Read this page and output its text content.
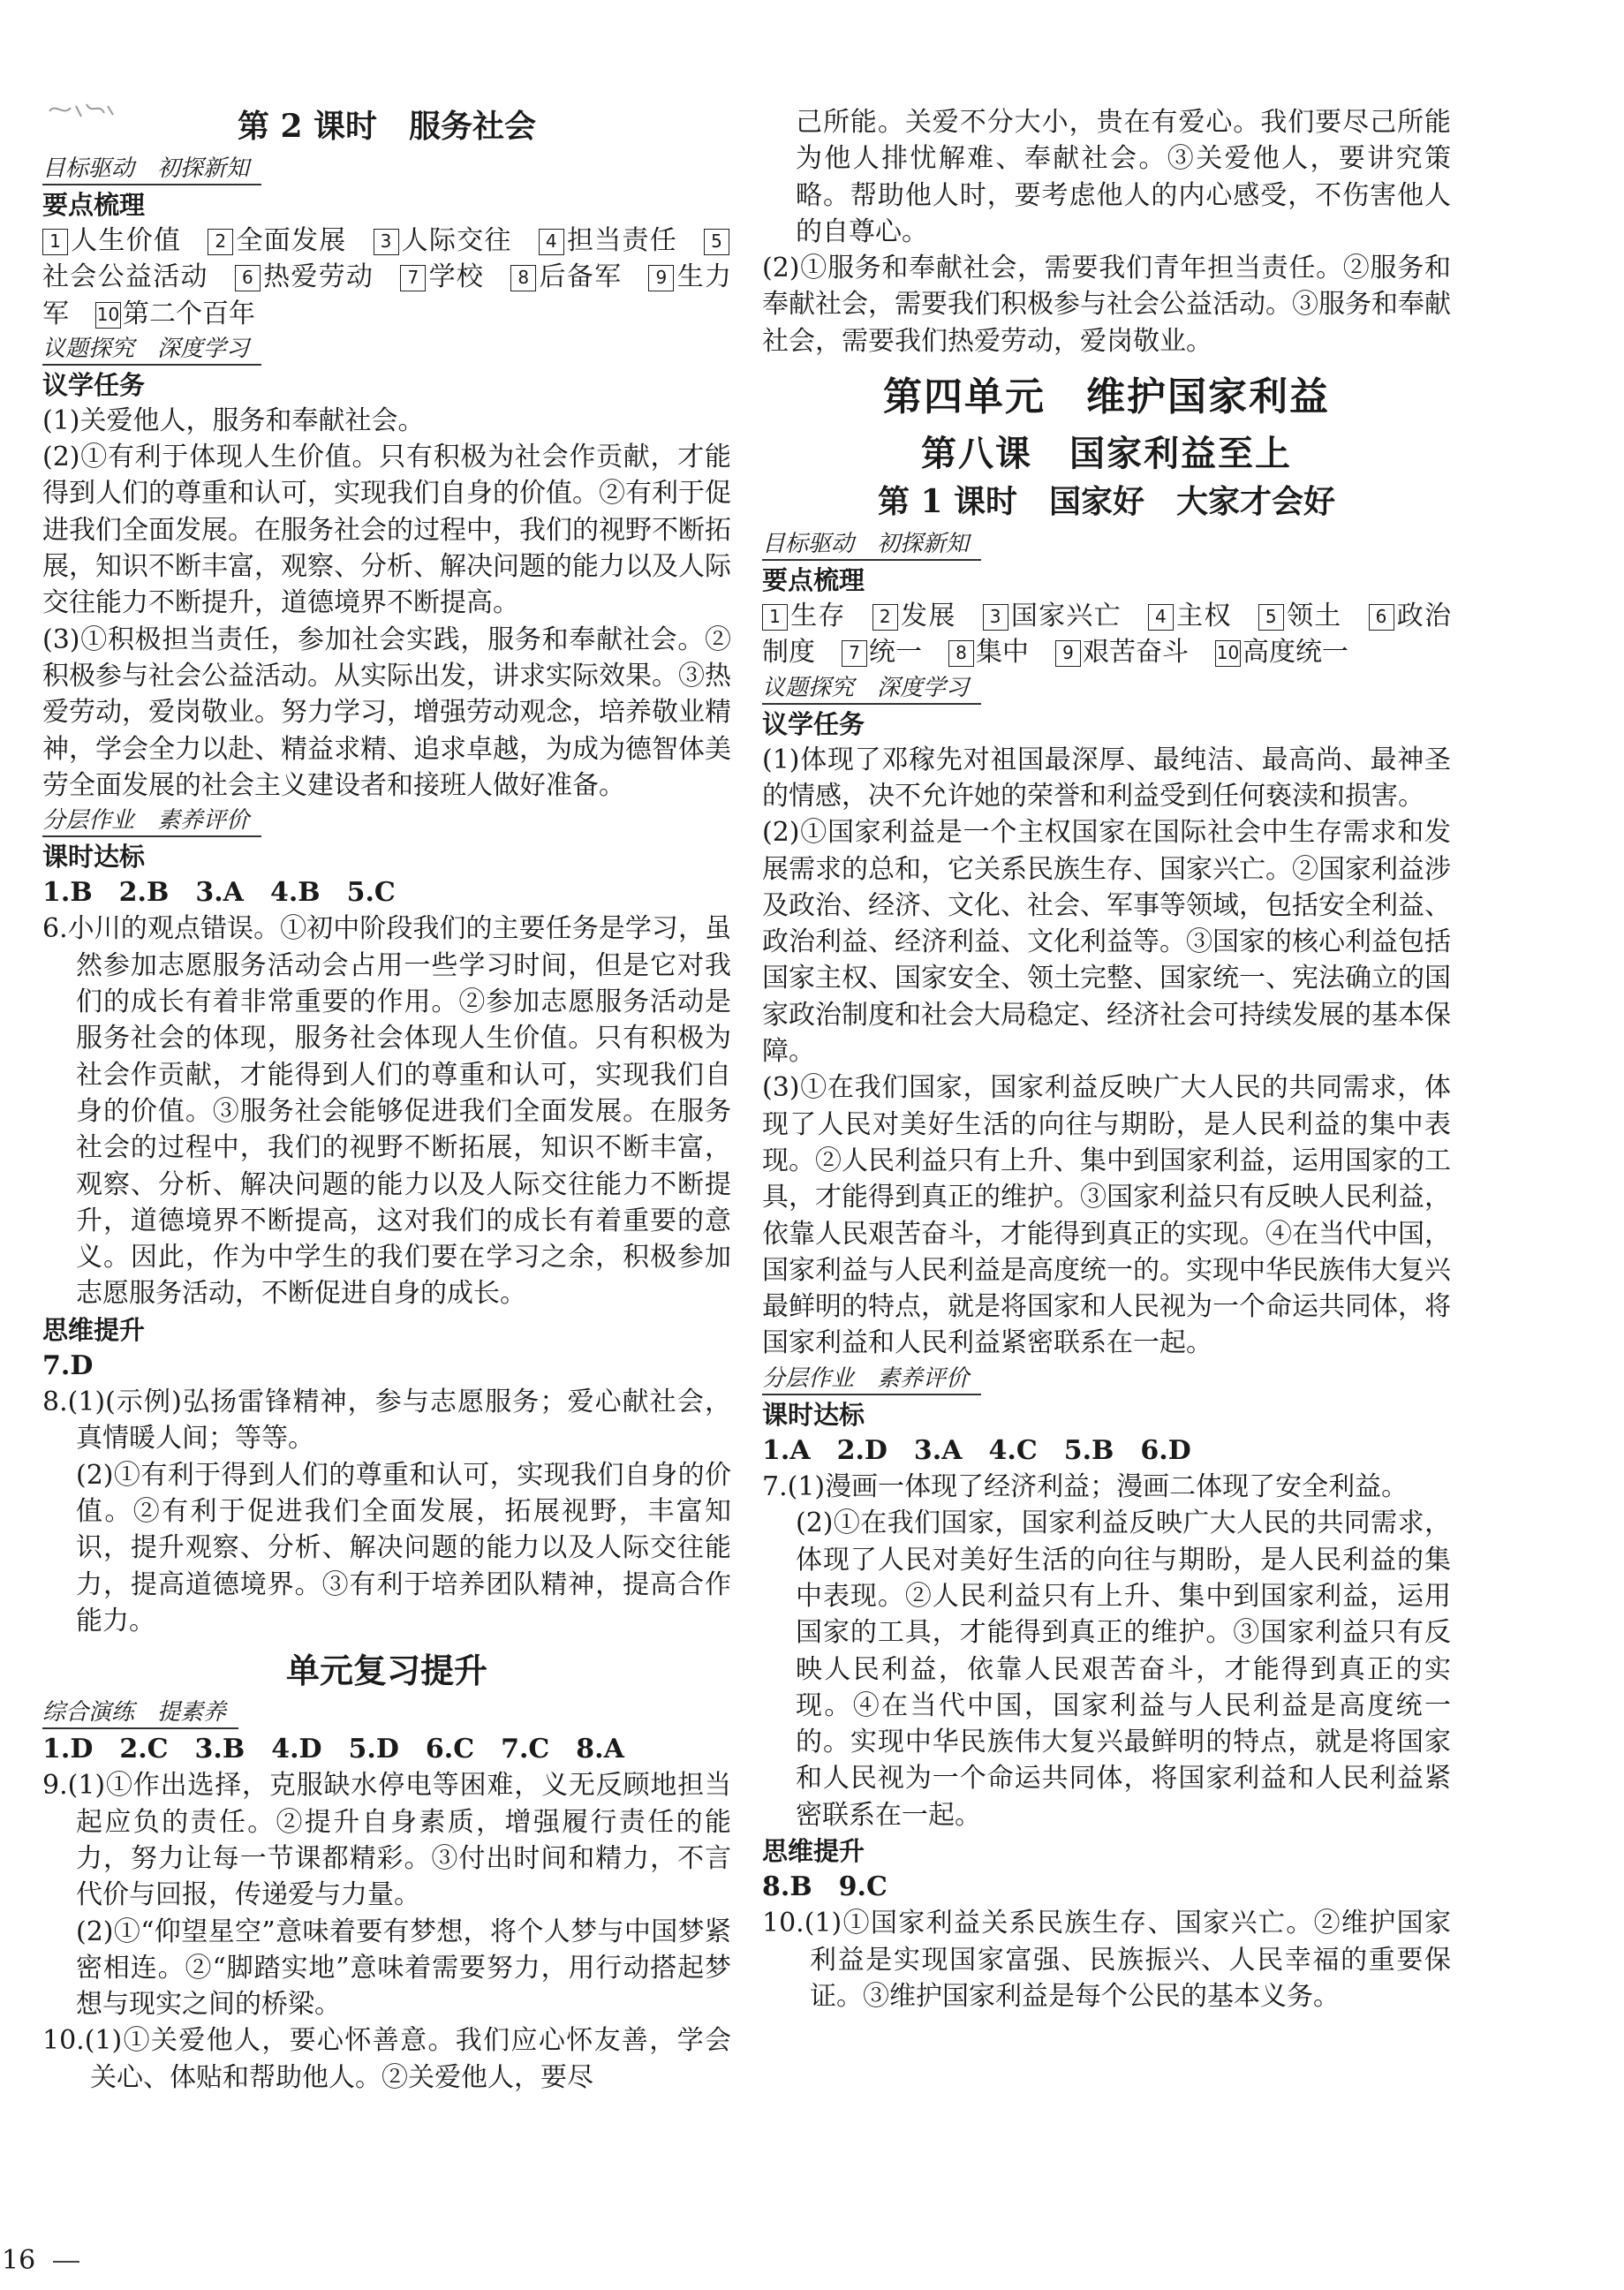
第 2 课时　服务社会

目标驱动　初探新知

要点梳理

1 人生价值  2 全面发展  3 人际交往  4 担当责任  5社会公益活动  6 热爱劳动  7 学校  8 后备军  9 生力军  10 第二个百年 

议题探究　深度学习

议学任务

(1)关爱他人，服务和奉献社会。

(2)①有利于体现人生价值。只有积极为社会作贡献，才能得到人们的尊重和认可，实现我们自身的价值。②有利于促进我们全面发展。在服务社会的过程中，我们的视野不断拓展，知识不断丰富，观察、分析、解决问题的能力以及人际交往能力不断提升，道德境界不断提高。

(3)①积极担当责任，参加社会实践，服务和奉献社会。②积极参与社会公益活动。从实际出发，讲求实际效果。③热爱劳动，爱岗敬业。努力学习，增强劳动观念，培养敬业精神，学会全力以赴、精益求精、追求卓越，为成为德智体美劳全面发展的社会主义建设者和接班人做好准备。

分层作业　素养评价

课时达标

1.B　2.B　3.A　4.B　5.C

6.小川的观点错误。①初中阶段我们的主要任务是学习，虽然参加志愿服务活动会占用一些学习时间，但是它对我们的成长有着非常重要的作用。②参加志愿服务活动是服务社会的体现，服务社会体现人生价值。只有积极为社会作贡献，才能得到人们的尊重和认可，实现我们自身的价值。③服务社会能够促进我们全面发展。在服务社会的过程中，我们的视野不断拓展，知识不断丰富，观察、分析、解决问题的能力以及人际交往能力不断提升，道德境界不断提高，这对我们的成长有着重要的意义。因此，作为中学生的我们要在学习之余，积极参加志愿服务活动，不断促进自身的成长。

思维提升

7.D

8.(1)(示例)弘扬雷锋精神，参与志愿服务；爱心献社会，真情暖人间；等等。

(2)①有利于得到人们的尊重和认可，实现我们自身的价值。②有利于促进我们全面发展，拓展视野，丰富知识，提升观察、分析、解决问题的能力以及人际交往能力，提高道德境界。③有利于培养团队精神，提高合作能力。

单元复习提升

综合演练　提素养

1.D　2.C　3.B　4.D　5.D　6.C　7.C　8.A

9.(1)①作出选择，克服缺水停电等困难，义无反顾地担当起应负的责任。②提升自身素质，增强履行责任的能力，努力让每一节课都精彩。③付出时间和精力，不言代价与回报，传递爱与力量。

(2)①“仰望星空”意味着要有梦想，将个人梦与中国梦紧密相连。②“脚踏实地”意味着需要努力，用行动搭起梦想与现实之间的桥梁。

10.(1)①关爱他人，要心怀善意。我们应心怀友善，学会关心、体贴和帮助他人。②关爱他人，要尽

己所能。关爱不分大小，贵在有爱心。我们要尽己所能为他人排忧解难、奉献社会。③关爱他人，要讲究策略。帮助他人时，要考虑他人的内心感受，不伤害他人的自尊心。

(2)①服务和奉献社会，需要我们青年担当责任。②服务和奉献社会，需要我们积极参与社会公益活动。③服务和奉献社会，需要我们热爱劳动，爱岗敬业。

第四单元　维护国家利益

第八课　国家利益至上

第 1 课时　国家好　大家才会好

目标驱动　初探新知

要点梳理

1 生存  2 发展  3 国家兴亡  4 主权  5 领土  6 政治制度  7 统一  8 集中  9 艰苦奋斗  10 高度统一 

议题探究　深度学习

议学任务

(1)体现了邓稼先对祖国最深厚、最纯洁、最高尚、最神圣的情感，决不允许她的荣誉和利益受到任何亵渎和损害。

(2)①国家利益是一个主权国家在国际社会中生存需求和发展需求的总和，它关系民族生存、国家兴亡。②国家利益涉及政治、经济、文化、社会、军事等领域，包括安全利益、政治利益、经济利益、文化利益等。③国家的核心利益包括国家主权、国家安全、领土完整、国家统一、宪法确立的国家政治制度和社会大局稳定、经济社会可持续发展的基本保障。

(3)①在我们国家，国家利益反映广大人民的共同需求，体现了人民对美好生活的向往与期盼，是人民利益的集中表现。②人民利益只有上升、集中到国家利益，运用国家的工具，才能得到真正的维护。③国家利益只有反映人民利益，依靠人民艰苦奋斗，才能得到真正的实现。④在当代中国，国家利益与人民利益是高度统一的。实现中华民族伟大复兴最鲜明的特点，就是将国家和人民视为一个命运共同体，将国家利益和人民利益紧密联系在一起。

分层作业　素养评价

课时达标

1.A　2.D　3.A　4.C　5.B　6.D

7.(1)漫画一体现了经济利益；漫画二体现了安全利益。

(2)①在我们国家，国家利益反映广大人民的共同需求，体现了人民对美好生活的向往与期盼，是人民利益的集中表现。②人民利益只有上升、集中到国家利益，运用国家的工具，才能得到真正的维护。③国家利益只有反映人民利益，依靠人民艰苦奋斗，才能得到真正的实现。④在当代中国，国家利益与人民利益是高度统一的。实现中华民族伟大复兴最鲜明的特点，就是将国家和人民视为一个命运共同体，将国家利益和人民利益紧密联系在一起。

思维提升

8.B　9.C

10.(1)①国家利益关系民族生存、国家兴亡。②维护国家利益是实现国家富强、民族振兴、人民幸福的重要保证。③维护国家利益是每个公民的基本义务。

16
